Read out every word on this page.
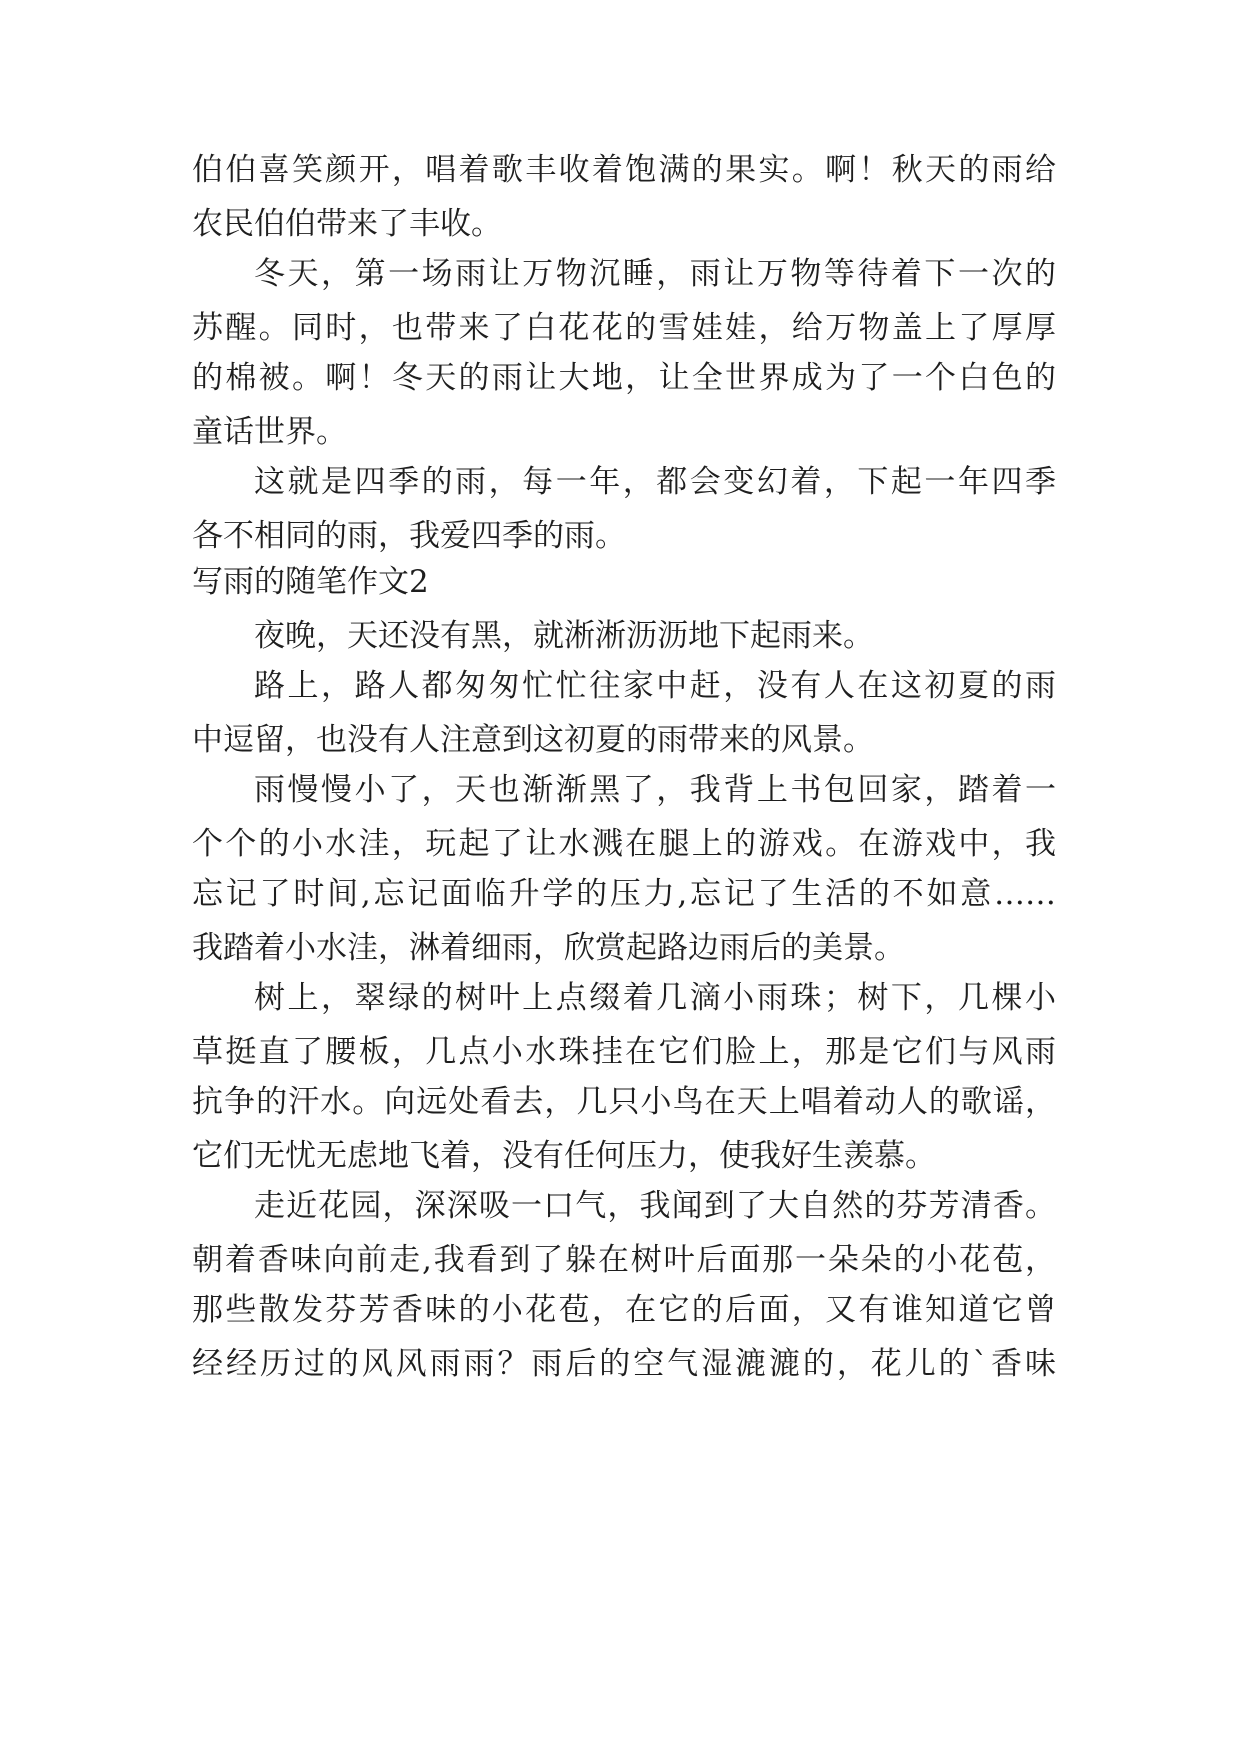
伯伯喜笑颜开，唱着歌丰收着饱满的果实。啊！秋天的雨给
农民伯伯带来了丰收。
冬天，第一场雨让万物沉睡，雨让万物等待着下一次的
苏醒。同时，也带来了白花花的雪娃娃，给万物盖上了厚厚
的棉被。啊！冬天的雨让大地，让全世界成为了一个白色的
童话世界。
这就是四季的雨，每一年，都会变幻着，下起一年四季
各不相同的雨，我爱四季的雨。
写雨的随笔作文2
夜晚，天还没有黑，就淅淅沥沥地下起雨来。
路上，路人都匆匆忙忙往家中赶，没有人在这初夏的雨
中逗留，也没有人注意到这初夏的雨带来的风景。
雨慢慢小了，天也渐渐黑了，我背上书包回家，踏着一
个个的小水洼，玩起了让水溅在腿上的游戏。在游戏中，我
忘记了时间,忘记面临升学的压力,忘记了生活的不如意……
我踏着小水洼，淋着细雨，欣赏起路边雨后的美景。
树上，翠绿的树叶上点缀着几滴小雨珠；树下，几棵小
草挺直了腰板，几点小水珠挂在它们脸上，那是它们与风雨
抗争的汗水。向远处看去，几只小鸟在天上唱着动人的歌谣，
它们无忧无虑地飞着，没有任何压力，使我好生羡慕。
走近花园，深深吸一口气，我闻到了大自然的芬芳清香。
朝着香味向前走,我看到了躲在树叶后面那一朵朵的小花苞，
那些散发芬芳香味的小花苞，在它的后面，又有谁知道它曾
经经历过的风风雨雨？雨后的空气湿漉漉的，花儿的`香味
